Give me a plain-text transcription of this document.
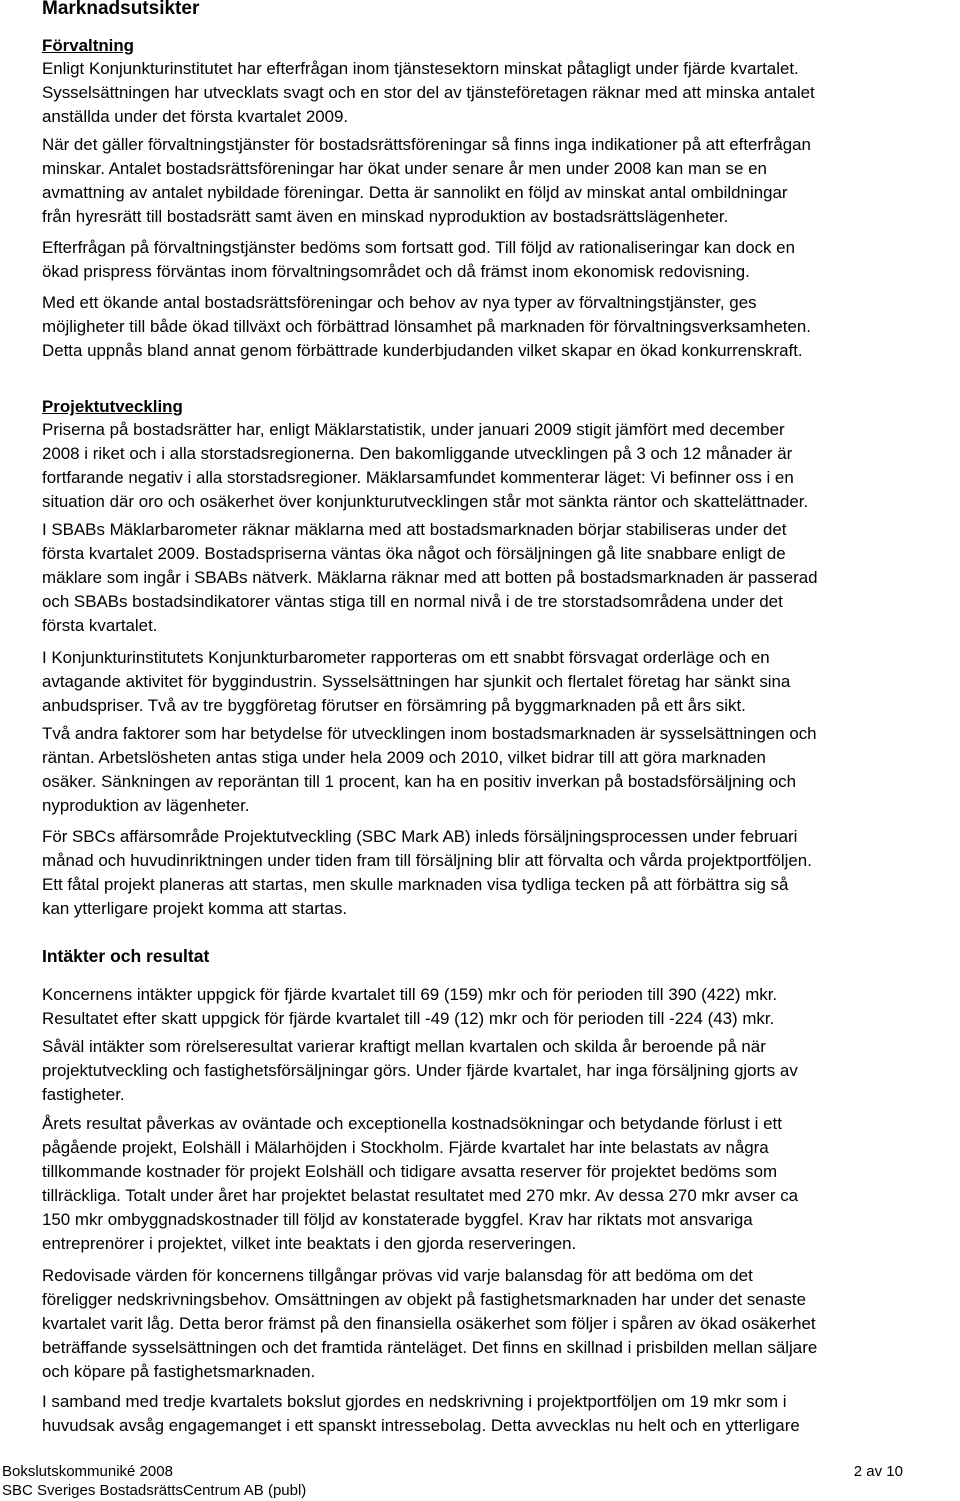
Marknadsutsikter
Förvaltning

Enligt Konjunkturinstitutet har efterfrågan inom tjänstesektorn minskat påtagligt under fjärde kvartalet.
Sysselsättningen har utvecklats svagt och en stor del av tjänsteföretagen räknar med att minska antalet
anställda under det första kvartalet 2009.

När det gäller förvaltningstjänster för bostadsrättsföreningar så finns inga indikationer på att efterfrågan
minskar. Antalet bostadsrättsföreningar har ökat under senare år men under 2008 kan man se en
avmattning av antalet nybildade föreningar. Detta är sannolikt en följd av minskat antal ombildningar
från hyresrätt till bostadsrätt samt även en minskad nyproduktion av bostadsrättslägenheter.

Efterfrågan på förvaltningstjänster bedöms som fortsatt god. Till följd av rationaliseringar kan dock en
ökad prispress förväntas inom förvaltningsområdet och då främst inom ekonomisk redovisning.

Med ett ökande antal bostadsrättsföreningar och behov av nya typer av förvaltningstjänster, ges
möjligheter till både ökad tillväxt och förbättrad lönsamhet på marknaden för förvaltningsverksamheten.
Detta uppnås bland annat genom förbättrade kunderbjudanden vilket skapar en ökad konkurrenskraft.

Projektutveckling

Priserna på bostadsrätter har, enligt Mäklarstatistik, under januari 2009 stigit jämfört med december
2008 i riket och i alla storstadsregionerna. Den bakomliggande utvecklingen på 3 och 12 månader är
fortfarande negativ i alla storstadsregioner. Mäklarsamfundet kommenterar läget: Vi befinner oss i en
situation där oro och osäkerhet över konjunkturutvecklingen står mot sänkta räntor och skattelättnader.

I SBABs Mäklarbarometer räknar mäklarna med att bostadsmarknaden börjar stabiliseras under det
första kvartalet 2009. Bostadspriserna väntas öka något och försäljningen gå lite snabbare enligt de
mäklare som ingår i SBABs nätverk. Mäklarna räknar med att botten på bostadsmarknaden är passerad
och SBABs bostadsindikatorer väntas stiga till en normal nivå i de tre storstadsområdena under det
första kvartalet.

I Konjunkturinstitutets Konjunkturbarometer rapporteras om ett snabbt försvagat orderläge och en
avtagande aktivitet för byggindustrin. Sysselsättningen har sjunkit och flertalet företag har sänkt sina
anbudspriser. Två av tre byggföretag förutser en försämring på byggmarknaden på ett års sikt.

Två andra faktorer som har betydelse för utvecklingen inom bostadsmarknaden är sysselsättningen och
räntan. Arbetslösheten antas stiga under hela 2009 och 2010, vilket bidrar till att göra marknaden
osäker. Sänkningen av reporäntan till 1 procent, kan ha en positiv inverkan på bostadsförsäljning och
nyproduktion av lägenheter.

För SBCs affärsområde Projektutveckling (SBC Mark AB) inleds försäljningsprocessen under februari
månad och huvudinriktningen under tiden fram till försäljning blir att förvalta och vårda projektportföljen.
Ett fåtal projekt planeras att startas, men skulle marknaden visa tydliga tecken på att förbättra sig så
kan ytterligare projekt komma att startas.

Intäkter och resultat

Koncernens intäkter uppgick för fjärde kvartalet till 69 (159) mkr och för perioden till 390 (422) mkr.
Resultatet efter skatt uppgick för fjärde kvartalet till -49 (12) mkr och för perioden till -224 (43) mkr.

Såväl intäkter som rörelseresultat varierar kraftigt mellan kvartalen och skilda år beroende på när
projektutveckling och fastighetsförsäljningar görs. Under fjärde kvartalet, har inga försäljning gjorts av
fastigheter.

Årets resultat påverkas av oväntade och exceptionella kostnadsökningar och betydande förlust i ett
pågående projekt, Eolshäll i Mälarhöjden i Stockholm. Fjärde kvartalet har inte belastats av några
tillkommande kostnader för projekt Eolshäll och tidigare avsatta reserver för projektet bedöms som
tillräckliga. Totalt under året har projektet belastat resultatet med 270 mkr. Av dessa 270 mkr avser ca
150 mkr ombyggnadskostnader till följd av konstaterade byggfel. Krav har riktats mot ansvariga
entreprenörer i projektet, vilket inte beaktats i den gjorda reserveringen.

Redovisade värden för koncernens tillgångar prövas vid varje balansdag för att bedöma om det
föreligger nedskrivningsbehov. Omsättningen av objekt på fastighetsmarknaden har under det senaste
kvartalet varit låg. Detta beror främst på den finansiella osäkerhet som följer i spåren av ökad osäkerhet
beträffande sysselsättningen och det framtida ränteläget. Det finns en skillnad i prisbilden mellan säljare
och köpare på fastighetsmarknaden.

I samband med tredje kvartalets bokslut gjordes en nedskrivning i projektportföljen om 19 mkr som i
huvudsak avsåg engagemanget i ett spanskt intressebolag. Detta avvecklas nu helt och en ytterligare

Bokslutskommuniké 2008	2 av 10
SBC Sveriges BostadsrättsCentrum AB (publ)
